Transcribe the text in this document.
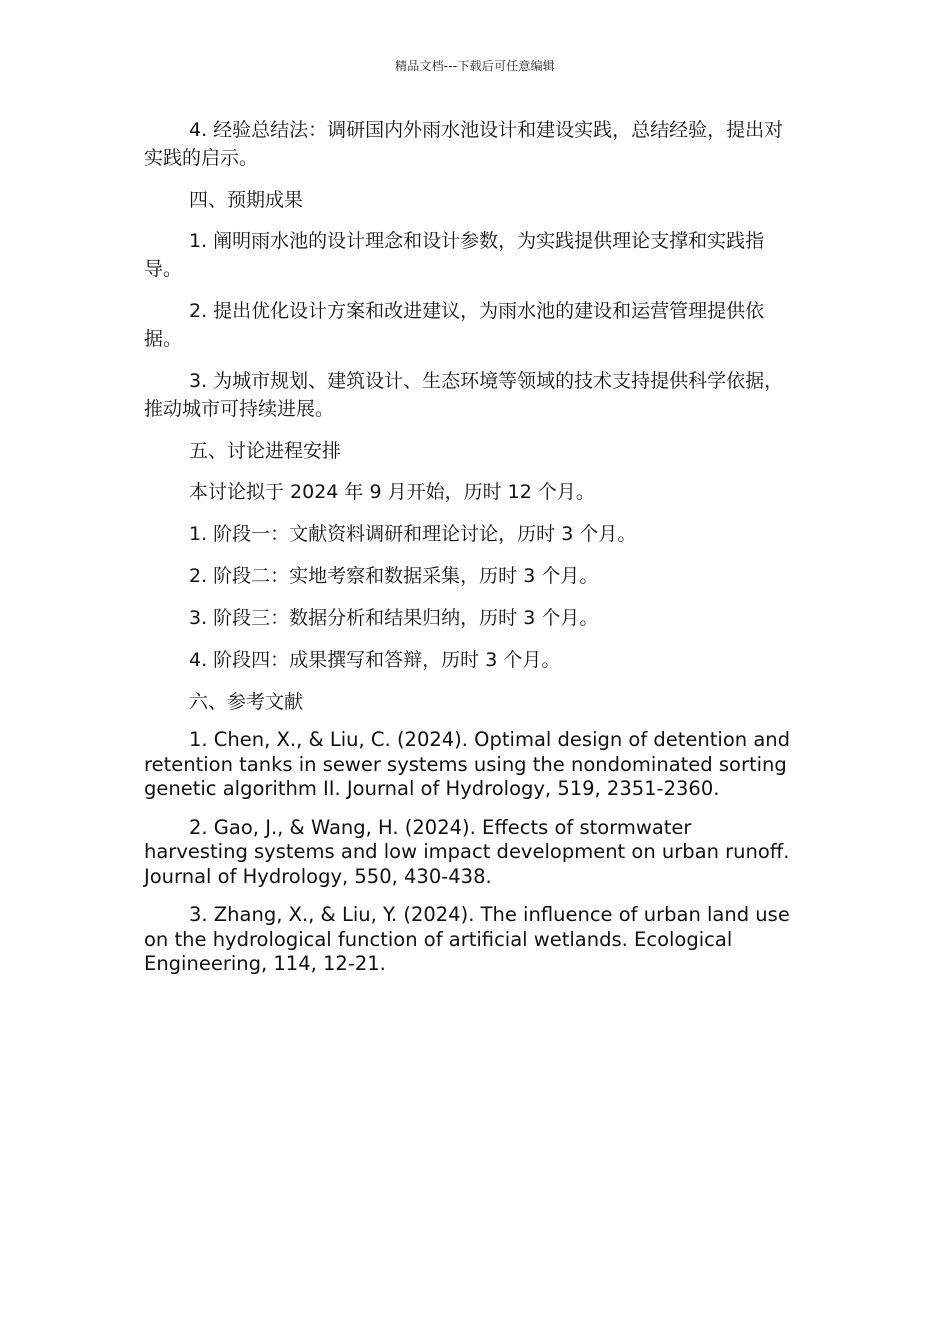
精品文档---下载后可任意编辑

4. 经验总结法：调研国内外雨水池设计和建设实践，总结经验，提出对实践的启示。

四、预期成果

1. 阐明雨水池的设计理念和设计参数，为实践提供理论支撑和实践指导。

2. 提出优化设计方案和改进建议，为雨水池的建设和运营管理提供依据。

3. 为城市规划、建筑设计、生态环境等领域的技术支持提供科学依据，推动城市可持续进展。

五、讨论进程安排

本讨论拟于 2024 年 9 月开始，历时 12 个月。

1. 阶段一：文献资料调研和理论讨论，历时 3 个月。

2. 阶段二：实地考察和数据采集，历时 3 个月。

3. 阶段三：数据分析和结果归纳，历时 3 个月。

4. 阶段四：成果撰写和答辩，历时 3 个月。

六、参考文献

1. Chen, X., & Liu, C. (2024). Optimal design of detention and retention tanks in sewer systems using the nondominated sorting genetic algorithm II. Journal of Hydrology, 519, 2351-2360.

2. Gao, J., & Wang, H. (2024). Effects of stormwater harvesting systems and low impact development on urban runoff. Journal of Hydrology, 550, 430-438.

3. Zhang, X., & Liu, Y. (2024). The influence of urban land use on the hydrological function of artificial wetlands. Ecological Engineering, 114, 12-21.
